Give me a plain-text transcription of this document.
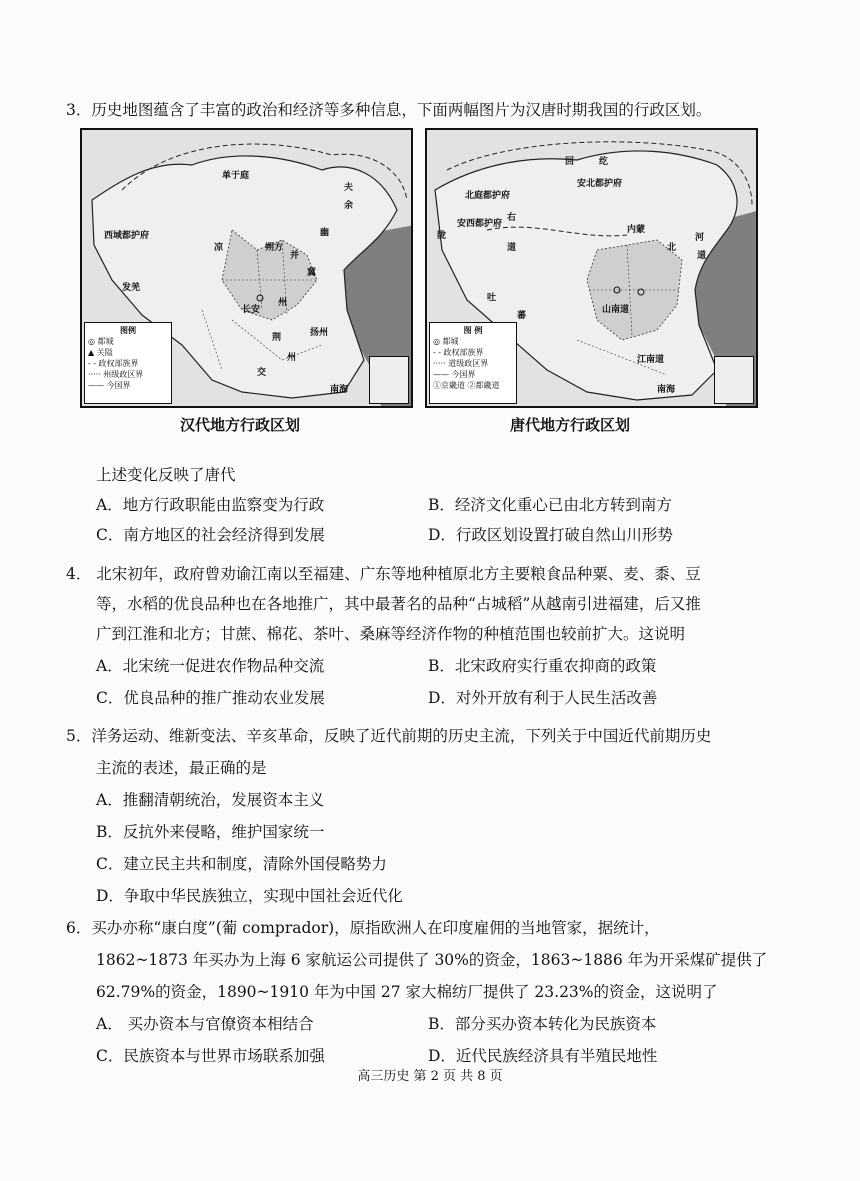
3．历史地图蕴含了丰富的政治和经济等多种信息，下面两幅图片为汉唐时期我国的行政区划。
单于庭
夫
余
西域都护府
凉	朔方
并
发羌
幽
冀
长安
州
扬州
荆
州
交
南海
图例
◎ 都城
▲ 关隘
- - 政权部族界
····· 州级政区界
—— 今国界
回	纥
安北都护府
北庭都护府
安西都护府
右
道
陇
内蒙
北
河
道
吐
蕃
山南道
江南道
南海
图 例
◎ 都城
- - 政权部族界
····· 道级政区界
—— 今国界
①京畿道 ②都畿道
汉代地方行政区划	唐代地方行政区划
上述变化反映了唐代
A．地方行政职能由监察变为行政	B．经济文化重心已由北方转到南方
C．南方地区的社会经济得到发展	D．行政区划设置打破自然山川形势
4． 北宋初年，政府曾劝谕江南以至福建、广东等地种植原北方主要粮食品种粟、麦、黍、豆
等，水稻的优良品种也在各地推广，其中最著名的品种“占城稻”从越南引进福建，后又推
广到江淮和北方；甘蔗、棉花、茶叶、桑麻等经济作物的种植范围也较前扩大。这说明
A．北宋统一促进农作物品种交流	B．北宋政府实行重农抑商的政策
C．优良品种的推广推动农业发展	D．对外开放有利于人民生活改善
5．洋务运动、维新变法、辛亥革命，反映了近代前期的历史主流，下列关于中国近代前期历史
主流的表述，最正确的是
A．推翻清朝统治，发展资本主义
B．反抗外来侵略，维护国家统一
C．建立民主共和制度，清除外国侵略势力
D．争取中华民族独立，实现中国社会近代化
6．买办亦称“康白度”(葡 comprador)，原指欧洲人在印度雇佣的当地管家，据统计，
1862~1873 年买办为上海 6 家航运公司提供了 30%的资金，1863~1886 年为开采煤矿提供了
62.79%的资金，1890~1910 年为中国 27 家大棉纺厂提供了 23.23%的资金，这说明了
A． 买办资本与官僚资本相结合	B．部分买办资本转化为民族资本
C．民族资本与世界市场联系加强	D．近代民族经济具有半殖民地性
高三历史 第 2 页 共 8 页
